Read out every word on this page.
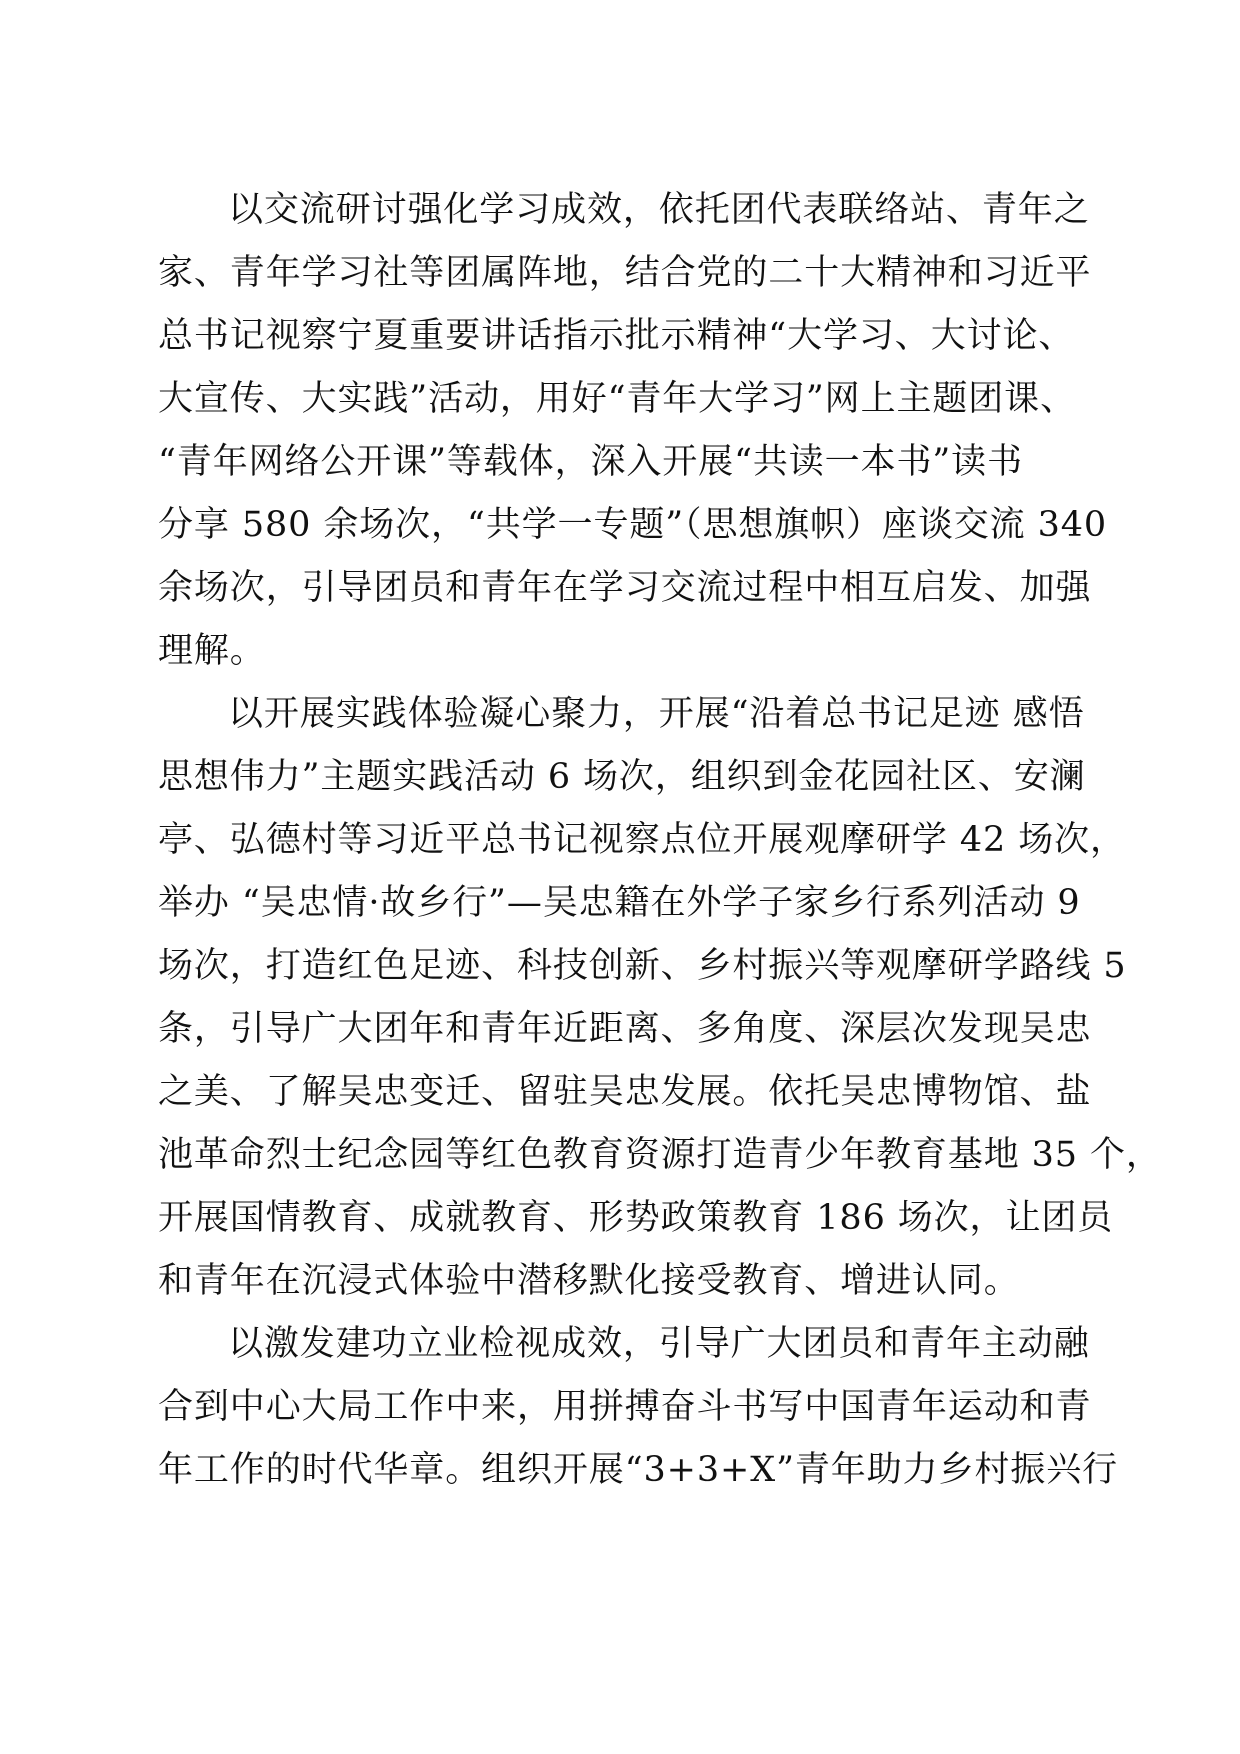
以交流研讨强化学习成效，依托团代表联络站、青年之
家、青年学习社等团属阵地，结合党的二十大精神和习近平
总书记视察宁夏重要讲话指示批示精神“大学习、大讨论、
大宣传、大实践”活动，用好“青年大学习”网上主题团课、
“青年网络公开课”等载体，深入开展“共读一本书”读书
分享 580 余场次，“共学一专题”（思想旗帜）座谈交流 340
余场次，引导团员和青年在学习交流过程中相互启发、加强
理解。
以开展实践体验凝心聚力，开展“沿着总书记足迹 感悟
思想伟力”主题实践活动 6 场次，组织到金花园社区、安澜
亭、弘德村等习近平总书记视察点位开展观摩研学 42 场次，
举办 “吴忠情·故乡行”—吴忠籍在外学子家乡行系列活动 9
场次，打造红色足迹、科技创新、乡村振兴等观摩研学路线 5
条，引导广大团年和青年近距离、多角度、深层次发现吴忠
之美、了解吴忠变迁、留驻吴忠发展。依托吴忠博物馆、盐
池革命烈士纪念园等红色教育资源打造青少年教育基地 35 个，
开展国情教育、成就教育、形势政策教育 186 场次，让团员
和青年在沉浸式体验中潜移默化接受教育、增进认同。
以激发建功立业检视成效，引导广大团员和青年主动融
合到中心大局工作中来，用拼搏奋斗书写中国青年运动和青
年工作的时代华章。组织开展“3+3+X”青年助力乡村振兴行
